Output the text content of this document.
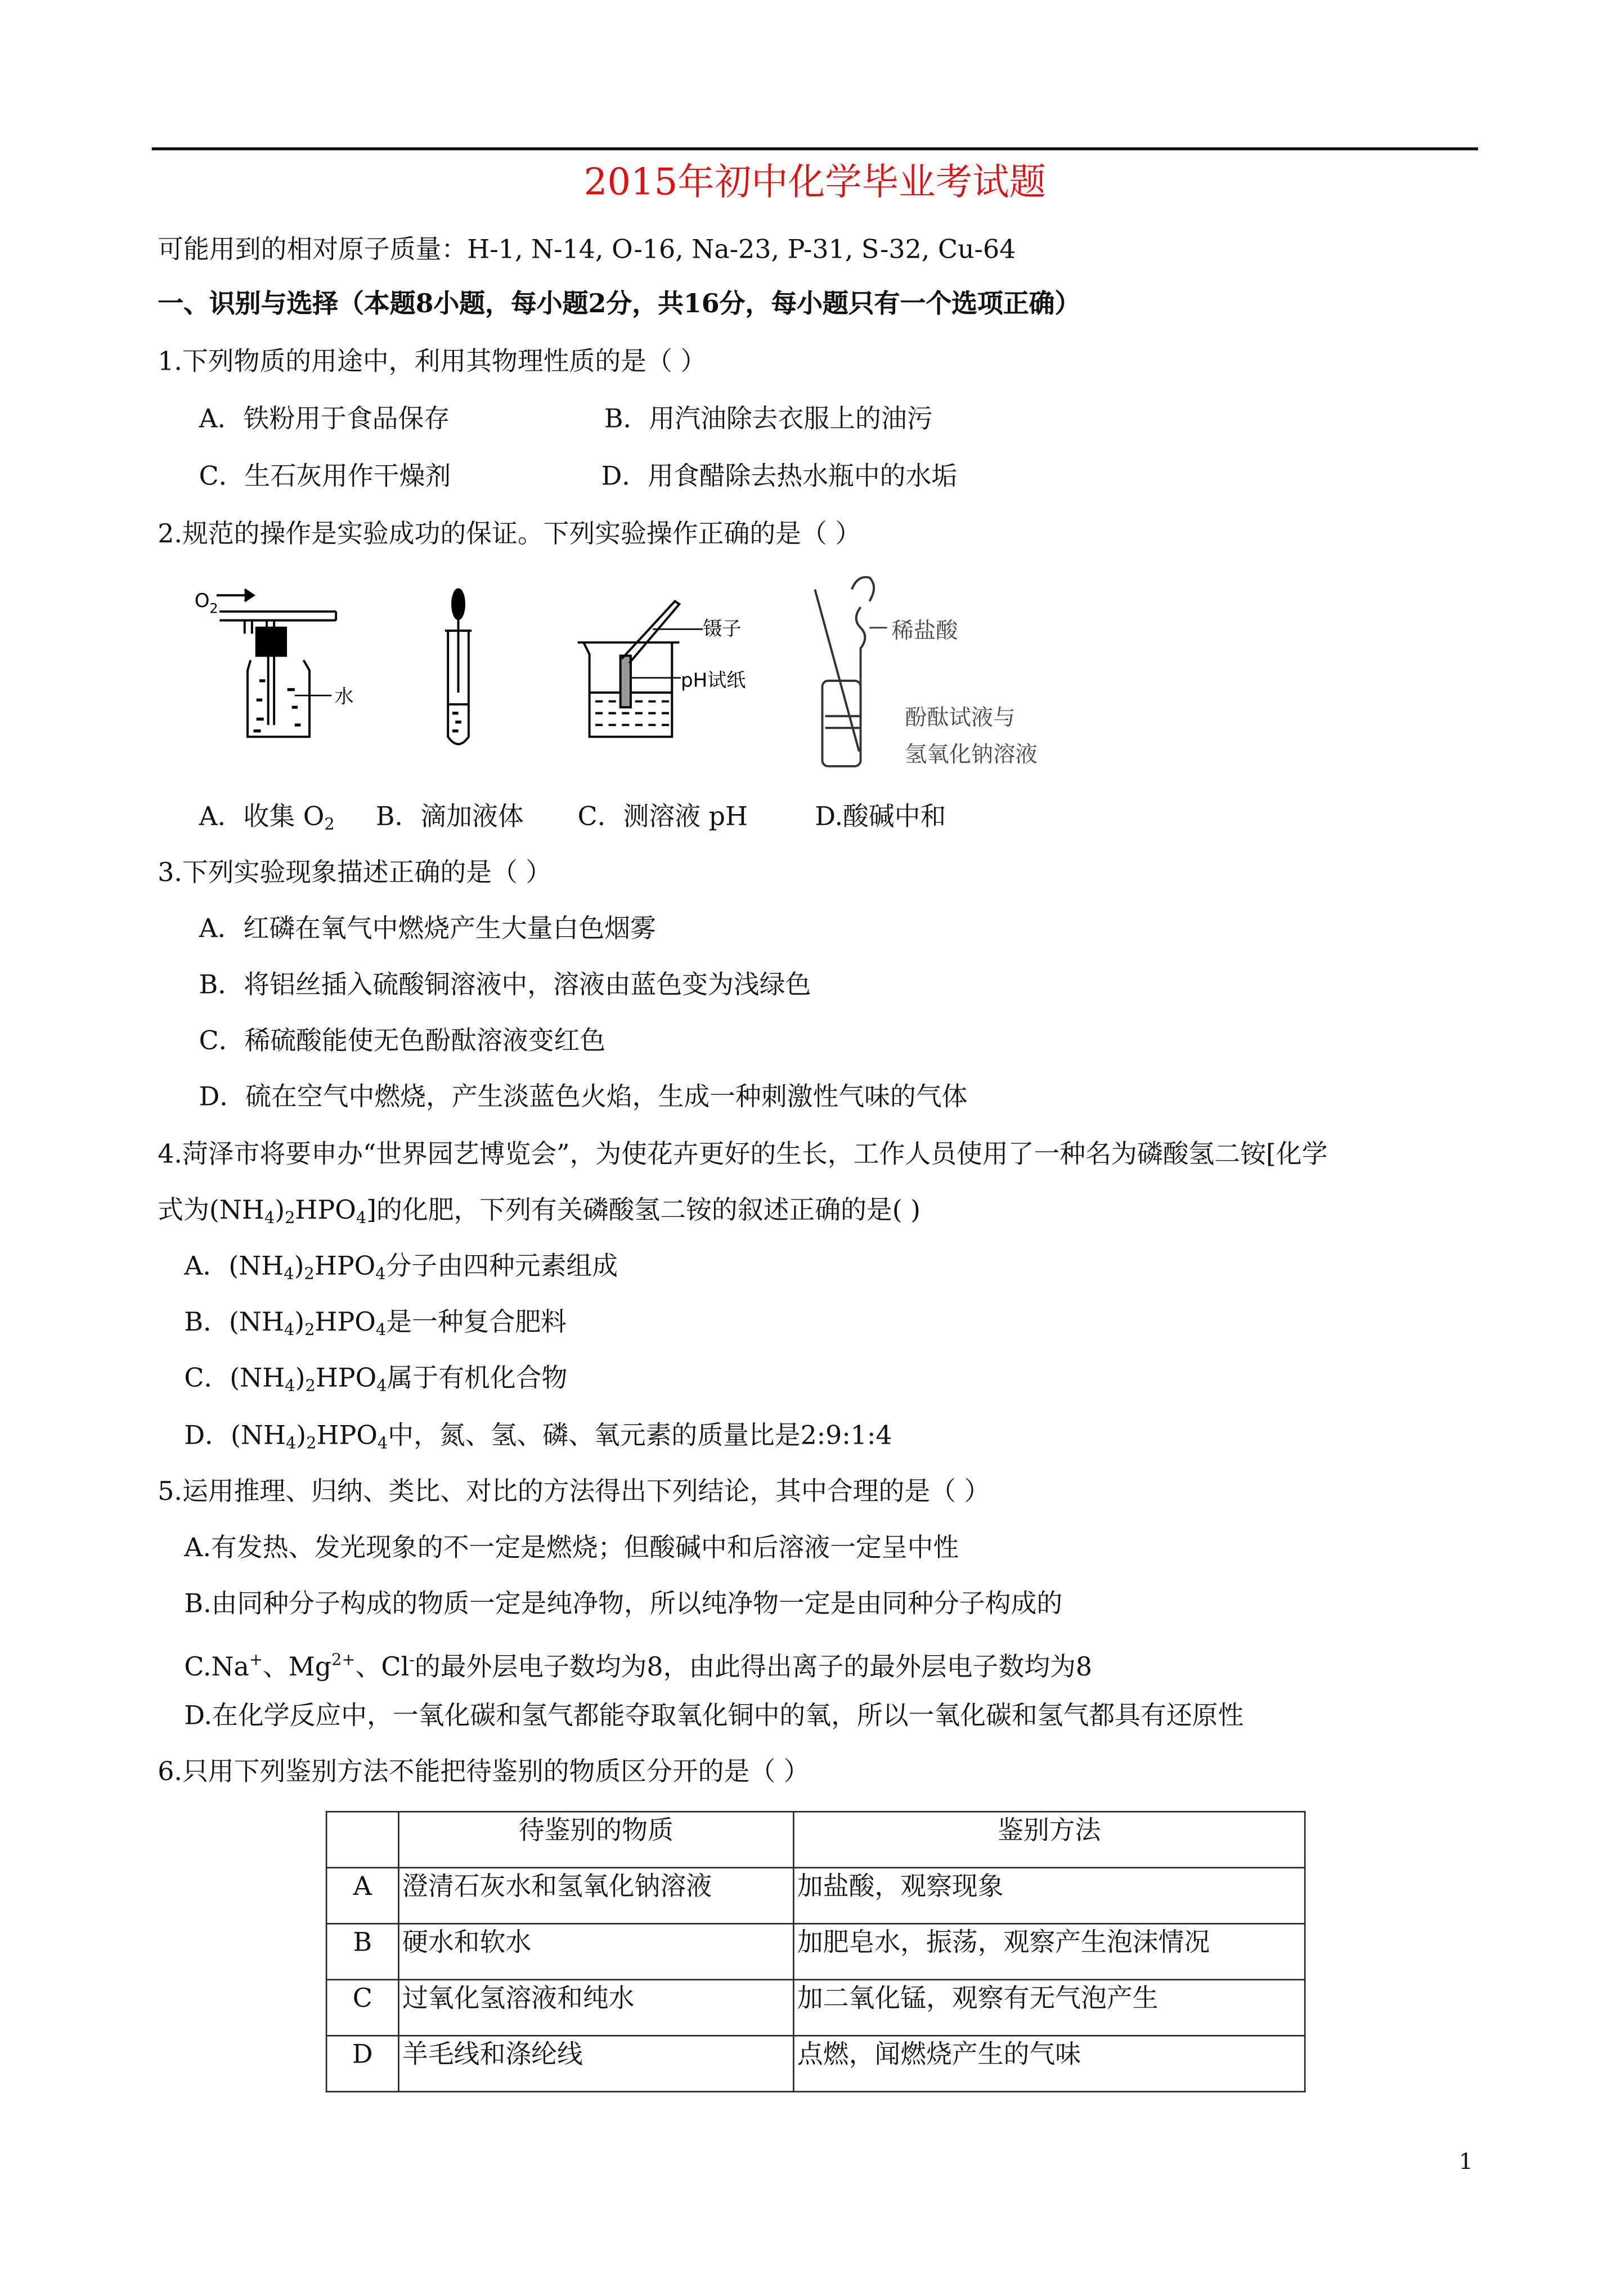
2015年初中化学毕业考试题
可能用到的相对原子质量：H-1, N-14, O-16, Na-23, P-31, S-32, Cu-64
一、识别与选择（本题8小题，每小题2分，共16分，每小题只有一个选项正确）
1.下列物质的用途中，利用其物理性质的是（ ）
A．铁粉用于食品保存	B．用汽油除去衣服上的油污
C．生石灰用作干燥剂	D．用食醋除去热水瓶中的水垢
2.规范的操作是实验成功的保证。下列实验操作正确的是（ ）
$O_2$
水
镊子
pH试纸
稀盐酸
酚酞试液与
氢氧化钠溶液
A．收集 $O_2$	B．滴加液体	C．测溶液 pH	D.酸碱中和
3.下列实验现象描述正确的是（ ）
A．红磷在氧气中燃烧产生大量白色烟雾
B．将铝丝插入硫酸铜溶液中，溶液由蓝色变为浅绿色
C．稀硫酸能使无色酚酞溶液变红色
D．硫在空气中燃烧，产生淡蓝色火焰，生成一种刺激性气味的气体
4.菏泽市将要申办“世界园艺博览会”，为使花卉更好的生长，工作人员使用了一种名为磷酸氢二铵[化学
式为$(NH_4)_2HPO_4$]的化肥，下列有关磷酸氢二铵的叙述正确的是( )
A．$(NH_4)_2HPO_4$分子由四种元素组成
B．$(NH_4)_2HPO_4$是一种复合肥料
C．$(NH_4)_2HPO_4$属于有机化合物
D．$(NH_4)_2HPO_4$中，氮、氢、磷、氧元素的质量比是2:9:1:4
5.运用推理、归纳、类比、对比的方法得出下列结论，其中合理的是（ ）
A.有发热、发光现象的不一定是燃烧；但酸碱中和后溶液一定呈中性
B.由同种分子构成的物质一定是纯净物，所以纯净物一定是由同种分子构成的
C.Na+、$Mg^{2+}$、Cl-的最外层电子数均为8，由此得出离子的最外层电子数均为8
D.在化学反应中，一氧化碳和氢气都能夺取氧化铜中的氧，所以一氧化碳和氢气都具有还原性
6.只用下列鉴别方法不能把待鉴别的物质区分开的是（ ）
	待鉴别的物质	鉴别方法
A	澄清石灰水和氢氧化钠溶液	加盐酸，观察现象
B	硬水和软水	加肥皂水，振荡，观察产生泡沫情况
C	过氧化氢溶液和纯水	加二氧化锰，观察有无气泡产生
D	羊毛线和涤纶线	点燃，闻燃烧产生的气味
1
